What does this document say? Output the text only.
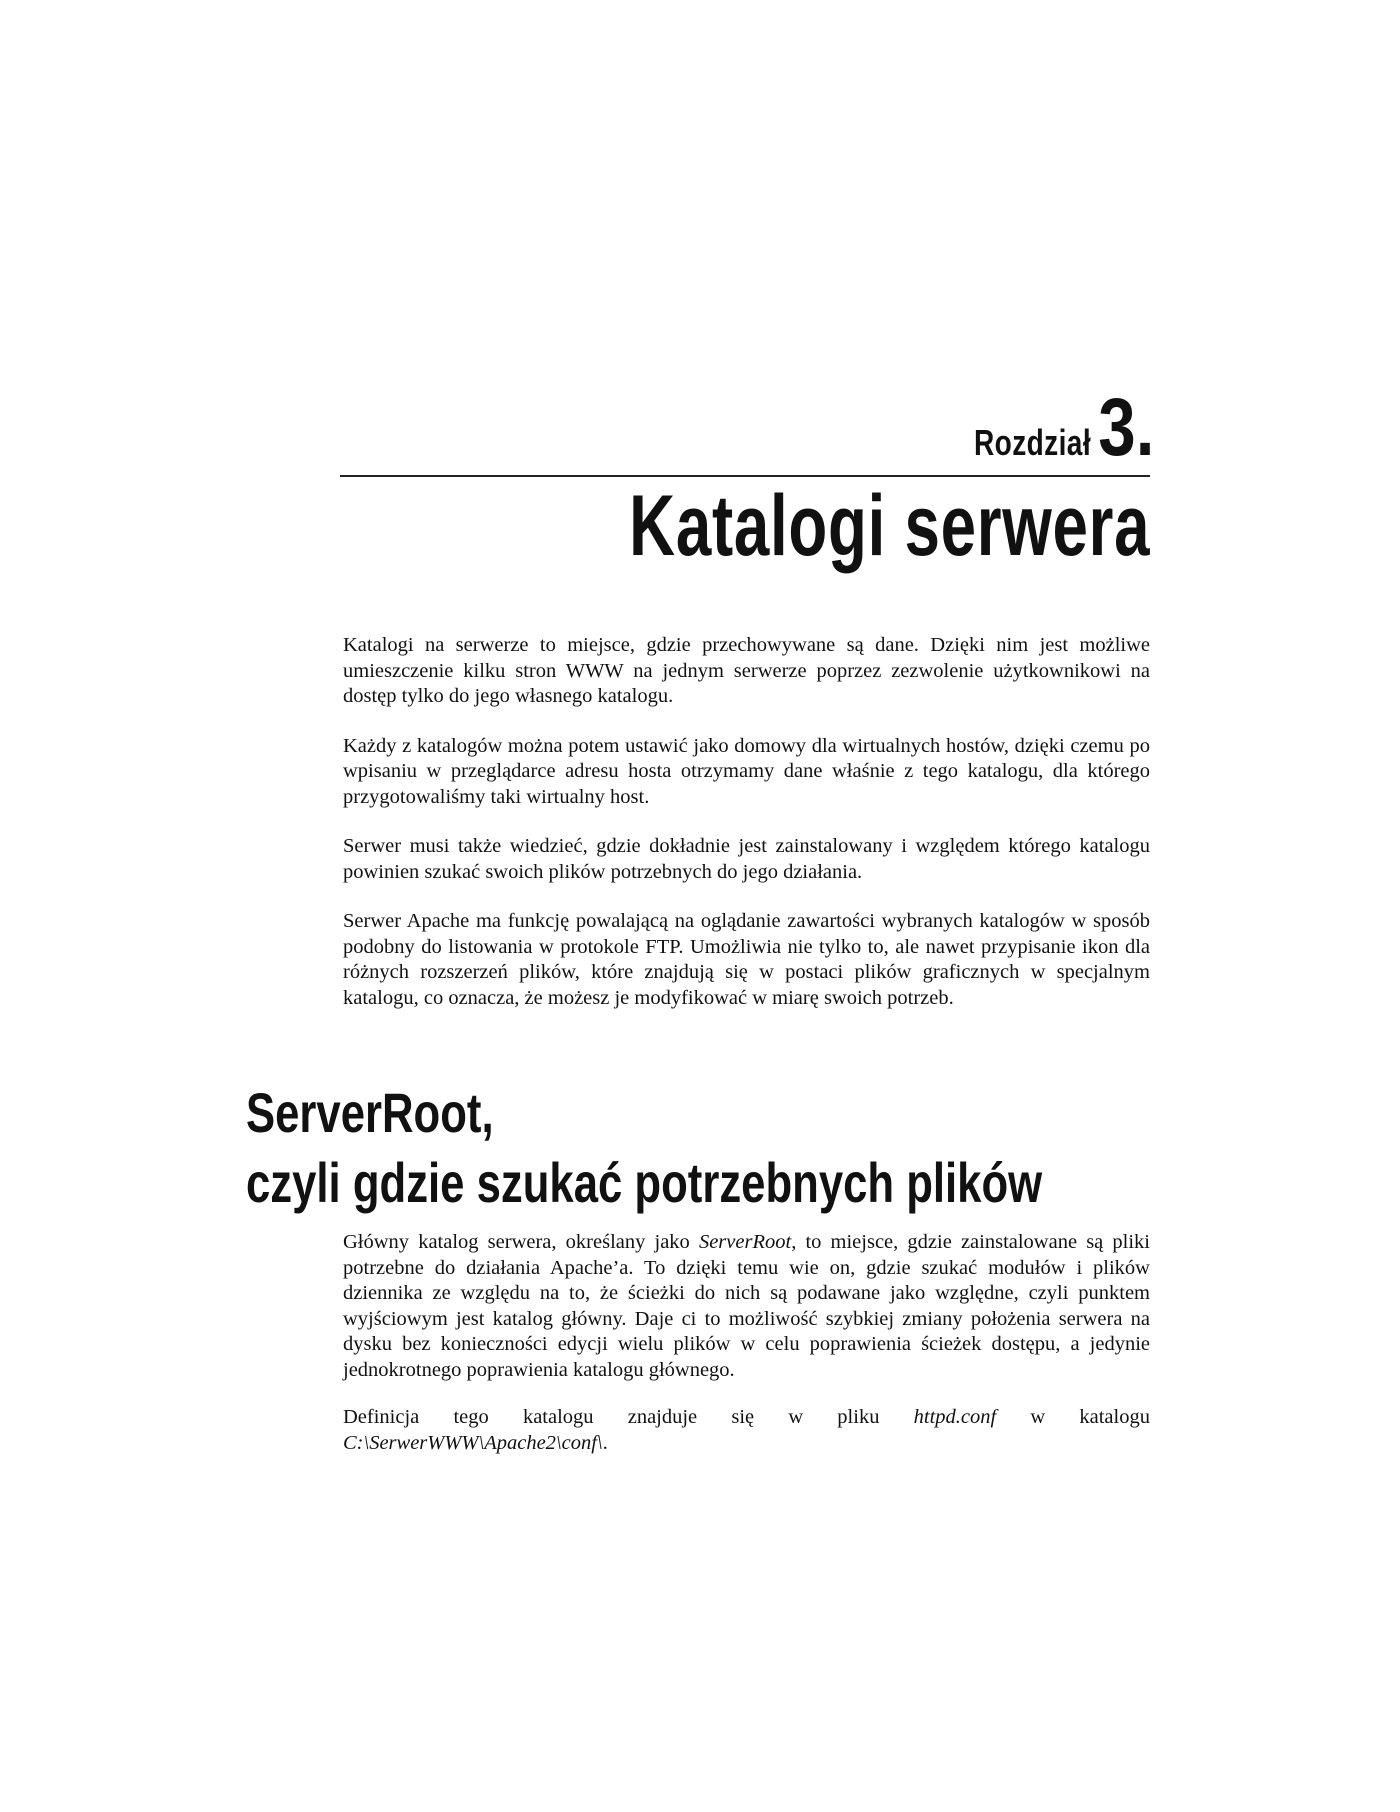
Rozdział 3.
Katalogi serwera

Katalogi na serwerze to miejsce, gdzie przechowywane są dane. Dzięki nim jest możliwe umieszczenie kilku stron WWW na jednym serwerze poprzez zezwolenie użytkownikowi na dostęp tylko do jego własnego katalogu.

Każdy z katalogów można potem ustawić jako domowy dla wirtualnych hostów, dzięki czemu po wpisaniu w przeglądarce adresu hosta otrzymamy dane właśnie z tego katalogu, dla którego przygotowaliśmy taki wirtualny host.

Serwer musi także wiedzieć, gdzie dokładnie jest zainstalowany i względem którego katalogu powinien szukać swoich plików potrzebnych do jego działania.

Serwer Apache ma funkcję powalającą na oglądanie zawartości wybranych katalogów w sposób podobny do listowania w protokole FTP. Umożliwia nie tylko to, ale nawet przypisanie ikon dla różnych rozszerzeń plików, które znajdują się w postaci plików graficznych w specjalnym katalogu, co oznacza, że możesz je modyfikować w miarę swoich potrzeb.

ServerRoot,
czyli gdzie szukać potrzebnych plików

Główny katalog serwera, określany jako ServerRoot, to miejsce, gdzie zainstalowane są pliki potrzebne do działania Apache’a. To dzięki temu wie on, gdzie szukać modułów i plików dziennika ze względu na to, że ścieżki do nich są podawane jako względne, czyli punktem wyjściowym jest katalog główny. Daje ci to możliwość szybkiej zmiany położenia serwera na dysku bez konieczności edycji wielu plików w celu poprawienia ścieżek dostępu, a jedynie jednokrotnego poprawienia katalogu głównego.

Definicja tego katalogu znajduje się w pliku httpd.conf w katalogu C:\SerwerWWW\Apache2\conf\.
